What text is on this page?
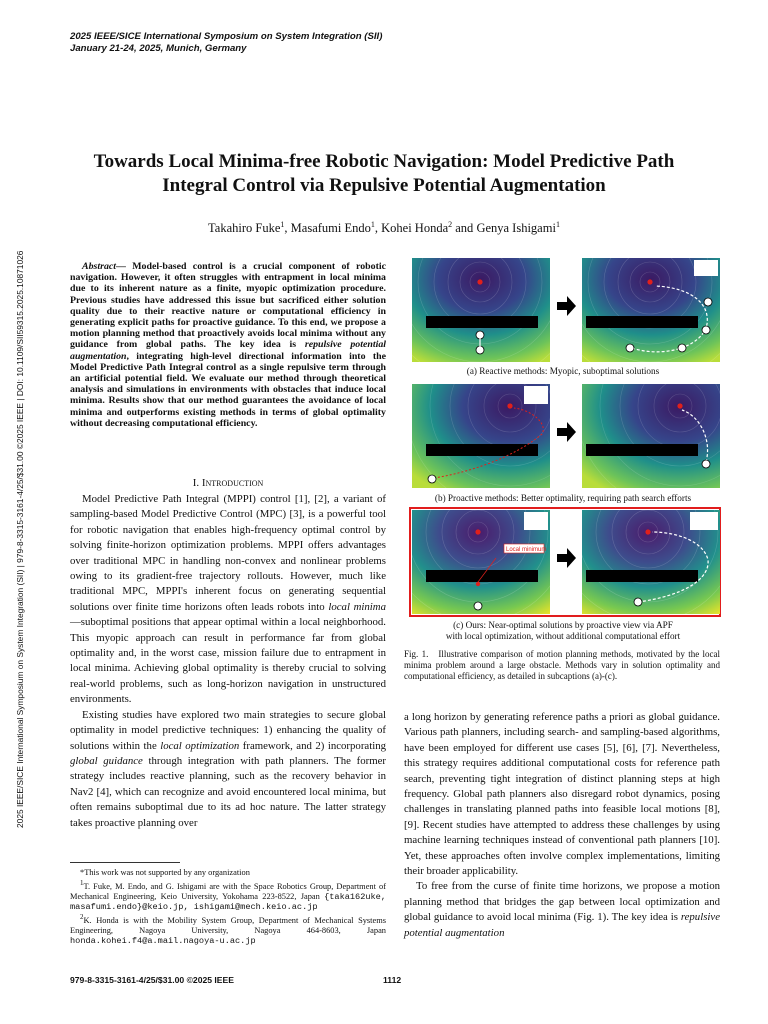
2025 IEEE/SICE International Symposium on System Integration (SII)
January 21-24, 2025, Munich, Germany
2025 IEEE/SICE International Symposium on System Integration (SII) | 979-8-3315-3161-4/25/$31.00 ©2025 IEEE | DOI: 10.1109/SII59315.2025.10871026
Towards Local Minima-free Robotic Navigation: Model Predictive Path Integral Control via Repulsive Potential Augmentation
Takahiro Fuke$^1$, Masafumi Endo$^1$, Kohei Honda$^2$ and Genya Ishigami$^1$
Abstract— Model-based control is a crucial component of robotic navigation. However, it often struggles with entrapment in local minima due to its inherent nature as a finite, myopic optimization procedure. Previous studies have addressed this issue but sacrificed either solution quality due to their reactive nature or computational efficiency in generating explicit paths for proactive guidance. To this end, we propose a motion planning method that proactively avoids local minima without any guidance from global paths. The key idea is repulsive potential augmentation, integrating high-level directional information into the Model Predictive Path Integral control as a single repulsive term through an artificial potential field. We evaluate our method through theoretical analysis and simulations in environments with obstacles that induce local minima. Results show that our method guarantees the avoidance of local minima and outperforms existing methods in terms of global optimality without decreasing computational efficiency.
I. Introduction

Model Predictive Path Integral (MPPI) control [1], [2], a variant of sampling-based Model Predictive Control (MPC) [3], is a powerful tool for robotic navigation that enables high-frequency optimal control by solving finite-horizon optimization problems. MPPI offers advantages over traditional MPC in handling non-convex and nonlinear problems owing to its gradient-free trajectory rollouts. However, much like traditional MPC, MPPI's inherent focus on generating sequential solutions over finite time horizons often leads robots into local minima—suboptimal positions that appear optimal within a local neighborhood. This myopic approach can result in performance far from global optimality and, in the worst case, mission failure due to entrapment in local minima. Achieving global optimality is thereby crucial to solving real-world problems, such as long-horizon navigation in unstructured environments.

Existing studies have explored two main strategies to secure global optimality in model predictive techniques: 1) enhancing the quality of solutions within the local optimization framework, and 2) incorporating global guidance through integration with path planners. The former strategy includes reactive planning, such as the recovery behavior in Nav2 [4], which can recognize and avoid encountered local minima, but often remains suboptimal due to its ad hoc nature. The latter strategy takes proactive planning over

*This work was not supported by any organization
$^1$T. Fuke, M. Endo, and G. Ishigami are with the Space Robotics Group, Department of Mechanical Engineering, Keio University, Yokohama 223-8522, Japan {taka162uke, masafumi.endo}@keio.jp, ishigami@mech.keio.ac.jp
$^2$K. Honda is with the Mobility System Group, Department of Mechanical Systems Engineering, Nagoya University, Nagoya 464-8603, Japan honda.kohei.f4@a.mail.nagoya-u.ac.jp
979-8-3315-3161-4/25/$31.00 ©2025 IEEE	1112
(a) Reactive methods: Myopic, suboptimal solutions
(b) Proactive methods: Better optimality, requiring path search efforts
Local minimum
(c) Ours: Near-optimal solutions by proactive view via APF
with local optimization, without additional computational effort
Fig. 1. Illustrative comparison of motion planning methods, motivated by the local minima problem around a large obstacle. Methods vary in solution optimality and computational efficiency, as detailed in subcaptions (a)-(c).

a long horizon by generating reference paths a priori as global guidance. Various path planners, including search- and sampling-based algorithms, have been employed for different use cases [5], [6], [7]. Nevertheless, this strategy requires additional computational costs for reference path search, preventing tight integration of distinct planning steps at high frequency. Global path planners also disregard robot dynamics, posing challenges in translating planned paths into feasible local motions [8], [9]. Recent studies have attempted to address these challenges by using machine learning techniques instead of conventional path planners [10]. Yet, these approaches often involve complex implementations, limiting their broader applicability.

To free from the curse of finite time horizons, we propose a motion planning method that bridges the gap between local optimization and global guidance to avoid local minima (Fig. 1). The key idea is repulsive potential augmentation
